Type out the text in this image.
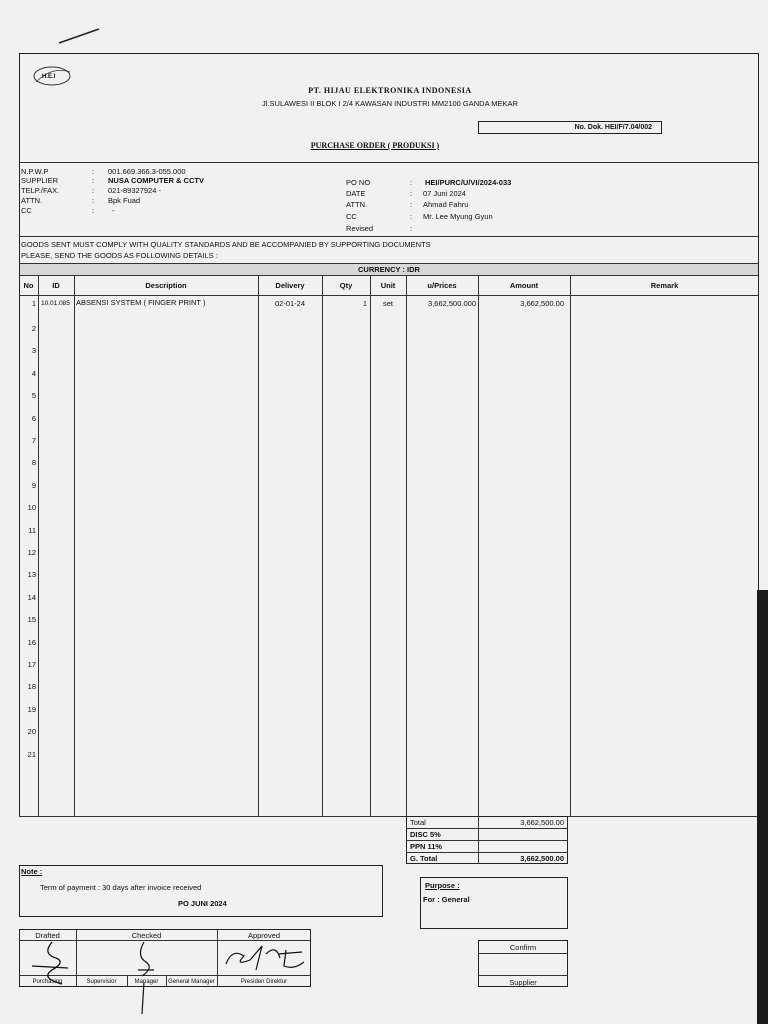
H.E.I
PT. HIJAU ELEKTRONIKA INDONESIA
Jl.SULAWESI II BLOK I 2/4 KAWASAN INDUSTRI MM2100 GANDA MEKAR
No. Dok. HEI/F/7.04/002
PURCHASE ORDER ( PRODUKSI )
N.P.W.P	: 001.669.366.3-055.000
SUPPLIER	: NUSA COMPUTER & CCTV
TELP./FAX.	: 021-89327924 -
ATTN.	: Bpk Fuad
CC	: -
PO NO	: HEI/PURC/U/VI/2024-033
DATE	: 07 Juni 2024
ATTN.	: Ahmad Fahru
CC	: Mr. Lee Myung Gyun
Revised	:
GOODS SENT MUST COMPLY WITH QUALITY STANDARDS AND BE ACCOMPANIED BY SUPPORTING DOCUMENTS
PLEASE, SEND THE GOODS AS FOLLOWING DETAILS :
CURRENCY : IDR
No	ID	Description	Delivery	Qty	Unit	u/Prices	Amount	Remark
1 10.01.085 ABSENSI SYSTEM ( FINGER PRINT )	02-01-24	1	set	3,662,500.000	3,662,500.00
2
3
4
5
6
7
8
9
10
11
12
13
14
15
16
17
18
19
20
21
Total	3,662,500.00
DISC 5%
PPN 11%
G. Total	3,662,500.00
Note :
Term of payment : 30 days after invoice received
PO JUNI 2024
Purpose :
For : General
Drafted	Checked	Approved
Purchasing	Supervisior	Manager	General Manager	Presiden Direktur
Confirm
Supplier
